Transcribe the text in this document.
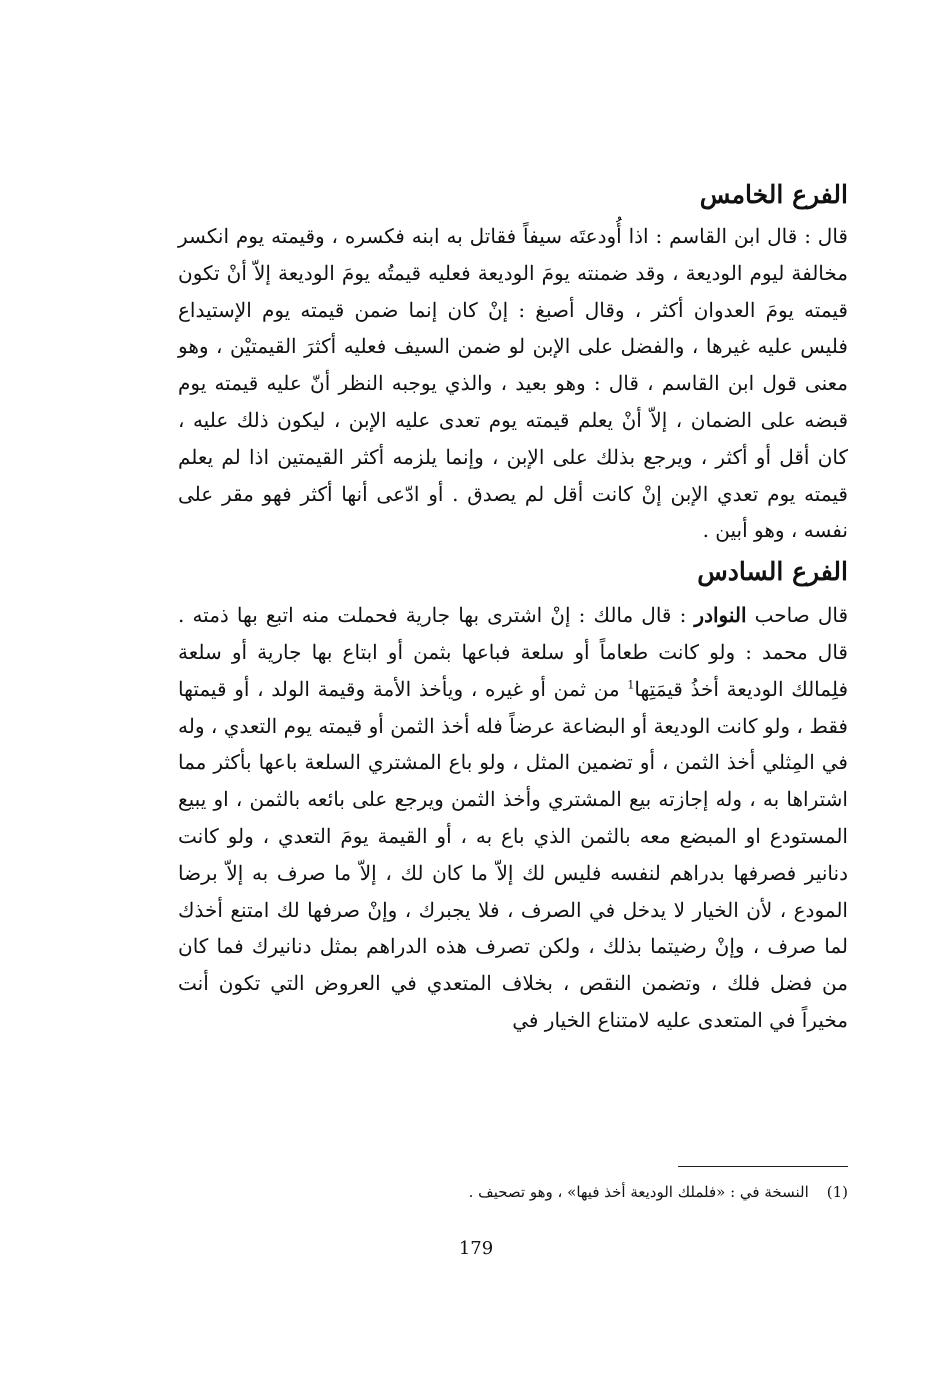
الفرع الخامس

قال : قال ابن القاسم : اذا أُودعتَه سيفاً فقاتل به ابنه فكسره ، وقيمته يوم انكسر مخالفة ليوم الوديعة ، وقد ضمنته يومَ الوديعة فعليه قيمتُه يومَ الوديعة إلاّ أنْ تكون قيمته يومَ العدوان أكثر ، وقال أصبغ : إنْ كان إنما ضمن قيمته يوم الإستيداع فليس عليه غيرها ، والفضل على الإبن لو ضمن السيف فعليه أكثرَ القيمتيْن ، وهو معنى قول ابن القاسم ، قال : وهو بعيد ، والذي يوجبه النظر أنّ عليه قيمته يوم قبضه على الضمان ، إلاّ أنْ يعلم قيمته يوم تعدى عليه الإبن ، ليكون ذلك عليه ، كان أقل أو أكثر ، ويرجع بذلك على الإبن ، وإنما يلزمه أكثر القيمتين اذا لم يعلم قيمته يوم تعدي الإبن إنْ كانت أقل لم يصدق . أو ادّعى أنها أكثر فهو مقر على نفسه ، وهو أبين .

الفرع السادس

قال صاحب النوادر : قال مالك : إنْ اشترى بها جارية فحملت منه اتبع بها ذمته . قال محمد : ولو كانت طعاماً أو سلعة فباعها بثمن أو ابتاع بها جارية أو سلعة فلِمالك الوديعة أخذُ قيمَتِها$^1$ من ثمن أو غيره ، ويأخذ الأمة وقيمة الولد ، أو قيمتها فقط ، ولو كانت الوديعة أو البضاعة عرضاً فله أخذ الثمن أو قيمته يوم التعدي ، وله في المِثلي أخذ الثمن ، أو تضمين المثل ، ولو باع المشتري السلعة باعها بأكثر مما اشتراها به ، وله إجازته بيع المشتري وأخذ الثمن ويرجع على بائعه بالثمن ، او يبيع المستودع او المبضع معه بالثمن الذي باع به ، أو القيمة يومَ التعدي ، ولو كانت دنانير فصرفها بدراهم لنفسه فليس لك إلاّ ما كان لك ، إلاّ ما صرف به إلاّ برضا المودع ، لأن الخيار لا يدخل في الصرف ، فلا يجبرك ، وإنْ صرفها لك امتنع أخذك لما صرف ، وإنْ رضيتما بذلك ، ولكن تصرف هذه الدراهم بمثل دنانيرك فما كان من فضل فلك ، وتضمن النقص ، بخلاف المتعدي في العروض التي تكون أنت مخيراً في المتعدى عليه لامتناع الخيار في

(1)النسخة في : «فلملك الوديعة أخذ فيها» ، وهو تصحيف .
179
